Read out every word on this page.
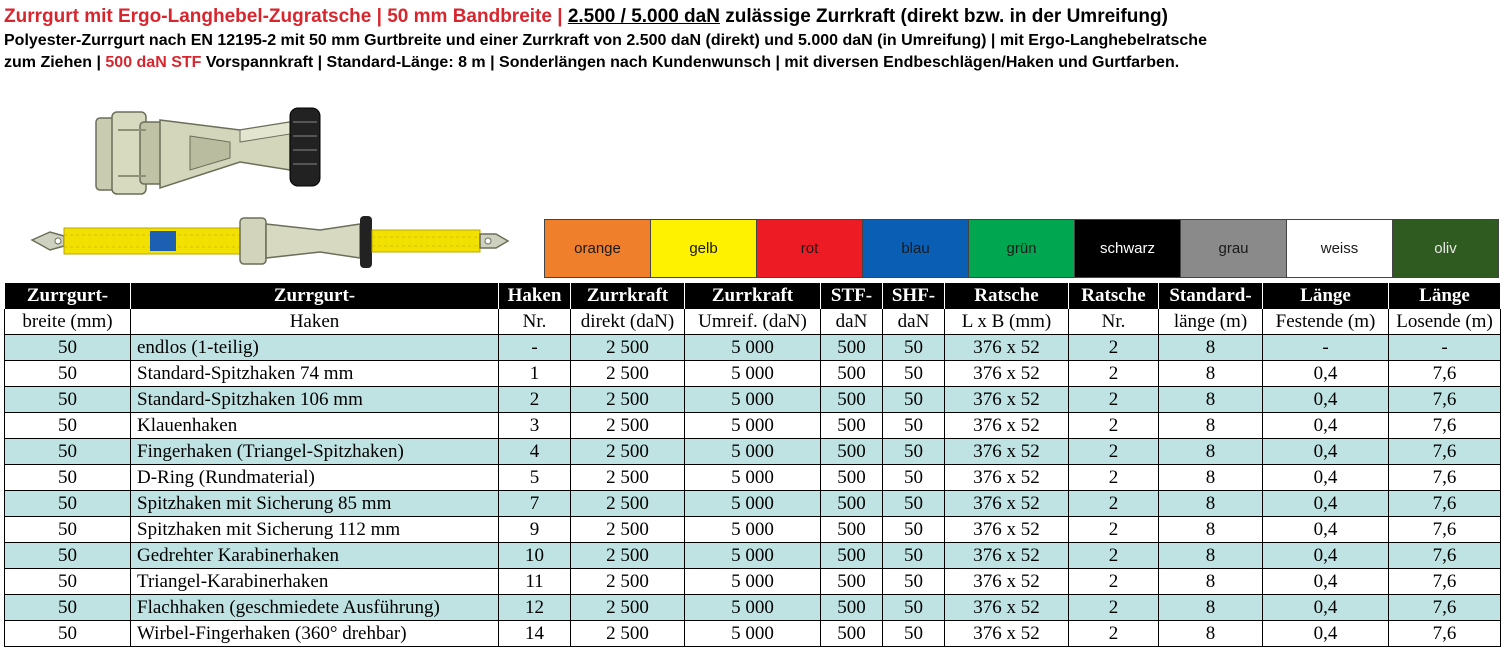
Zurrgurt mit Ergo-Langhebel-Zugratsche | 50 mm Bandbreite | 2.500 / 5.000 daN zulässige Zurrkraft (direkt bzw. in der Umreifung)
Polyester-Zurrgurt nach EN 12195-2 mit 50 mm Gurtbreite und einer Zurrkraft von 2.500 daN (direkt) und 5.000 daN (in Umreifung) | mit Ergo-Langhebelratsche
zum Ziehen | 500 daN STF Vorspannkraft | Standard-Länge: 8 m | Sonderlängen nach Kundenwunsch | mit diversen Endbeschlägen/Haken und Gurtfarben.
orange	gelb	rot	blau	grün	schwarz	grau	weiss	oliv
Zurrgurt-	Zurrgurt-	Haken	Zurrkraft	Zurrkraft	STF-	SHF-	Ratsche	Ratsche	Standard-	Länge	Länge
breite (mm)	Haken	Nr.	direkt (daN)	Umreif. (daN)	daN	daN	L x B (mm)	Nr.	länge (m)	Festende (m)	Losende (m)
50	endlos (1-teilig)	-	2 500	5 000	500	50	376 x 52	2	8	-	-
50	Standard-Spitzhaken 74 mm	1	2 500	5 000	500	50	376 x 52	2	8	0,4	7,6
50	Standard-Spitzhaken 106 mm	2	2 500	5 000	500	50	376 x 52	2	8	0,4	7,6
50	Klauenhaken	3	2 500	5 000	500	50	376 x 52	2	8	0,4	7,6
50	Fingerhaken (Triangel-Spitzhaken)	4	2 500	5 000	500	50	376 x 52	2	8	0,4	7,6
50	D-Ring (Rundmaterial)	5	2 500	5 000	500	50	376 x 52	2	8	0,4	7,6
50	Spitzhaken mit Sicherung 85 mm	7	2 500	5 000	500	50	376 x 52	2	8	0,4	7,6
50	Spitzhaken mit Sicherung 112 mm	9	2 500	5 000	500	50	376 x 52	2	8	0,4	7,6
50	Gedrehter Karabinerhaken	10	2 500	5 000	500	50	376 x 52	2	8	0,4	7,6
50	Triangel-Karabinerhaken	11	2 500	5 000	500	50	376 x 52	2	8	0,4	7,6
50	Flachhaken (geschmiedete Ausführung)	12	2 500	5 000	500	50	376 x 52	2	8	0,4	7,6
50	Wirbel-Fingerhaken (360° drehbar)	14	2 500	5 000	500	50	376 x 52	2	8	0,4	7,6
